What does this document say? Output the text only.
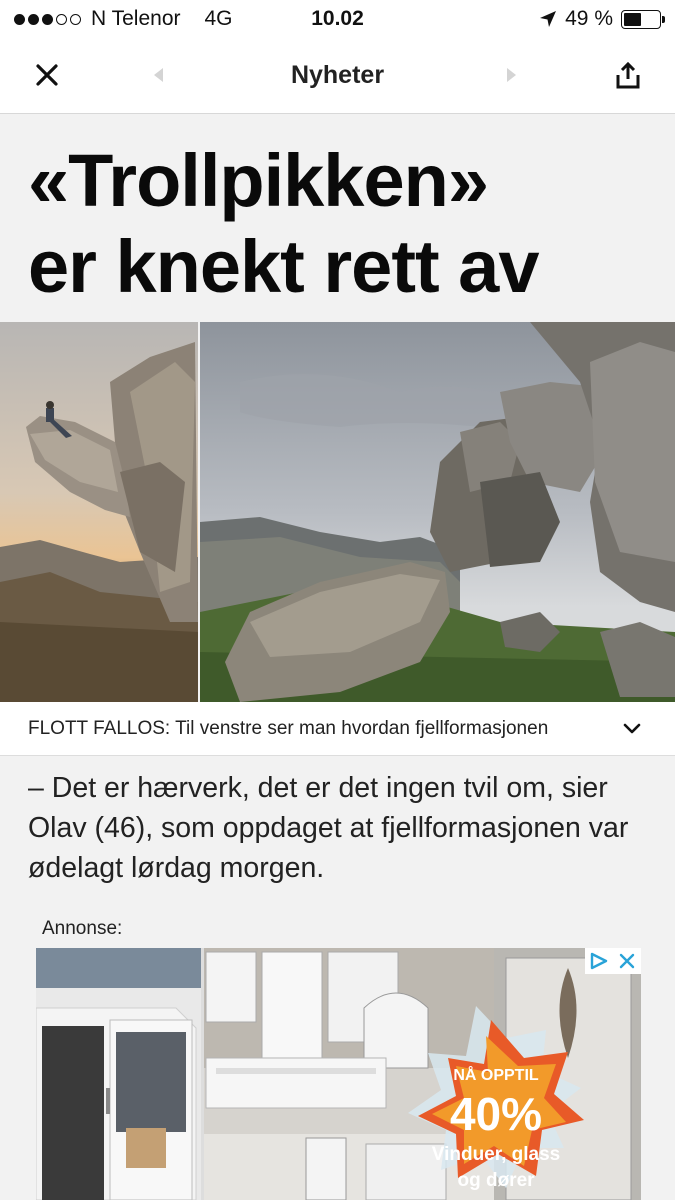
N Telenor 4G	10.02	49 %
Nyheter
«Trollpikken»
er knekt rett av
FLOTT FALLOS: Til venstre ser man hvordan fjellformasjonen
– Det er hærverk, det er det ingen tvil om, sier
Olav (46), som oppdaget at fjellformasjonen var
ødelagt lørdag morgen.
Annonse:
NÅ OPPTIL
40%
Vinduer, glass
og dører
